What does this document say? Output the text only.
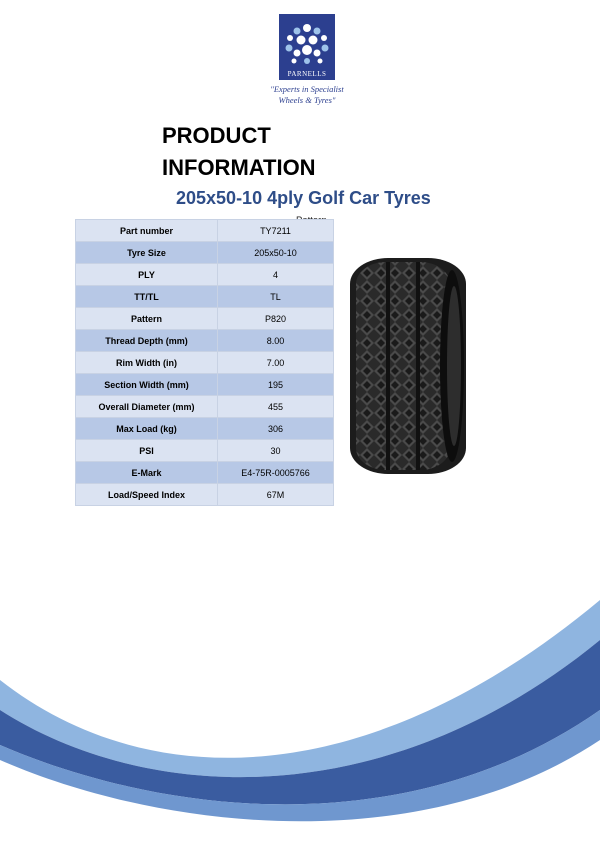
PARNELLS
"Experts in Specialist
Wheels & Tyres"
PRODUCT
INFORMATION
205x50-10 4ply Golf Car Tyres
Part number	TY7211
Tyre Size	205x50-10
PLY	4
TT/TL	TL
Pattern	P820
Thread Depth (mm)	8.00
Rim Width (in)	7.00
Section Width (mm)	195
Overall Diameter (mm)	455
Max Load (kg)	306
PSI	30
E-Mark	E4-75R-0005766
Load/Speed Index	67M
